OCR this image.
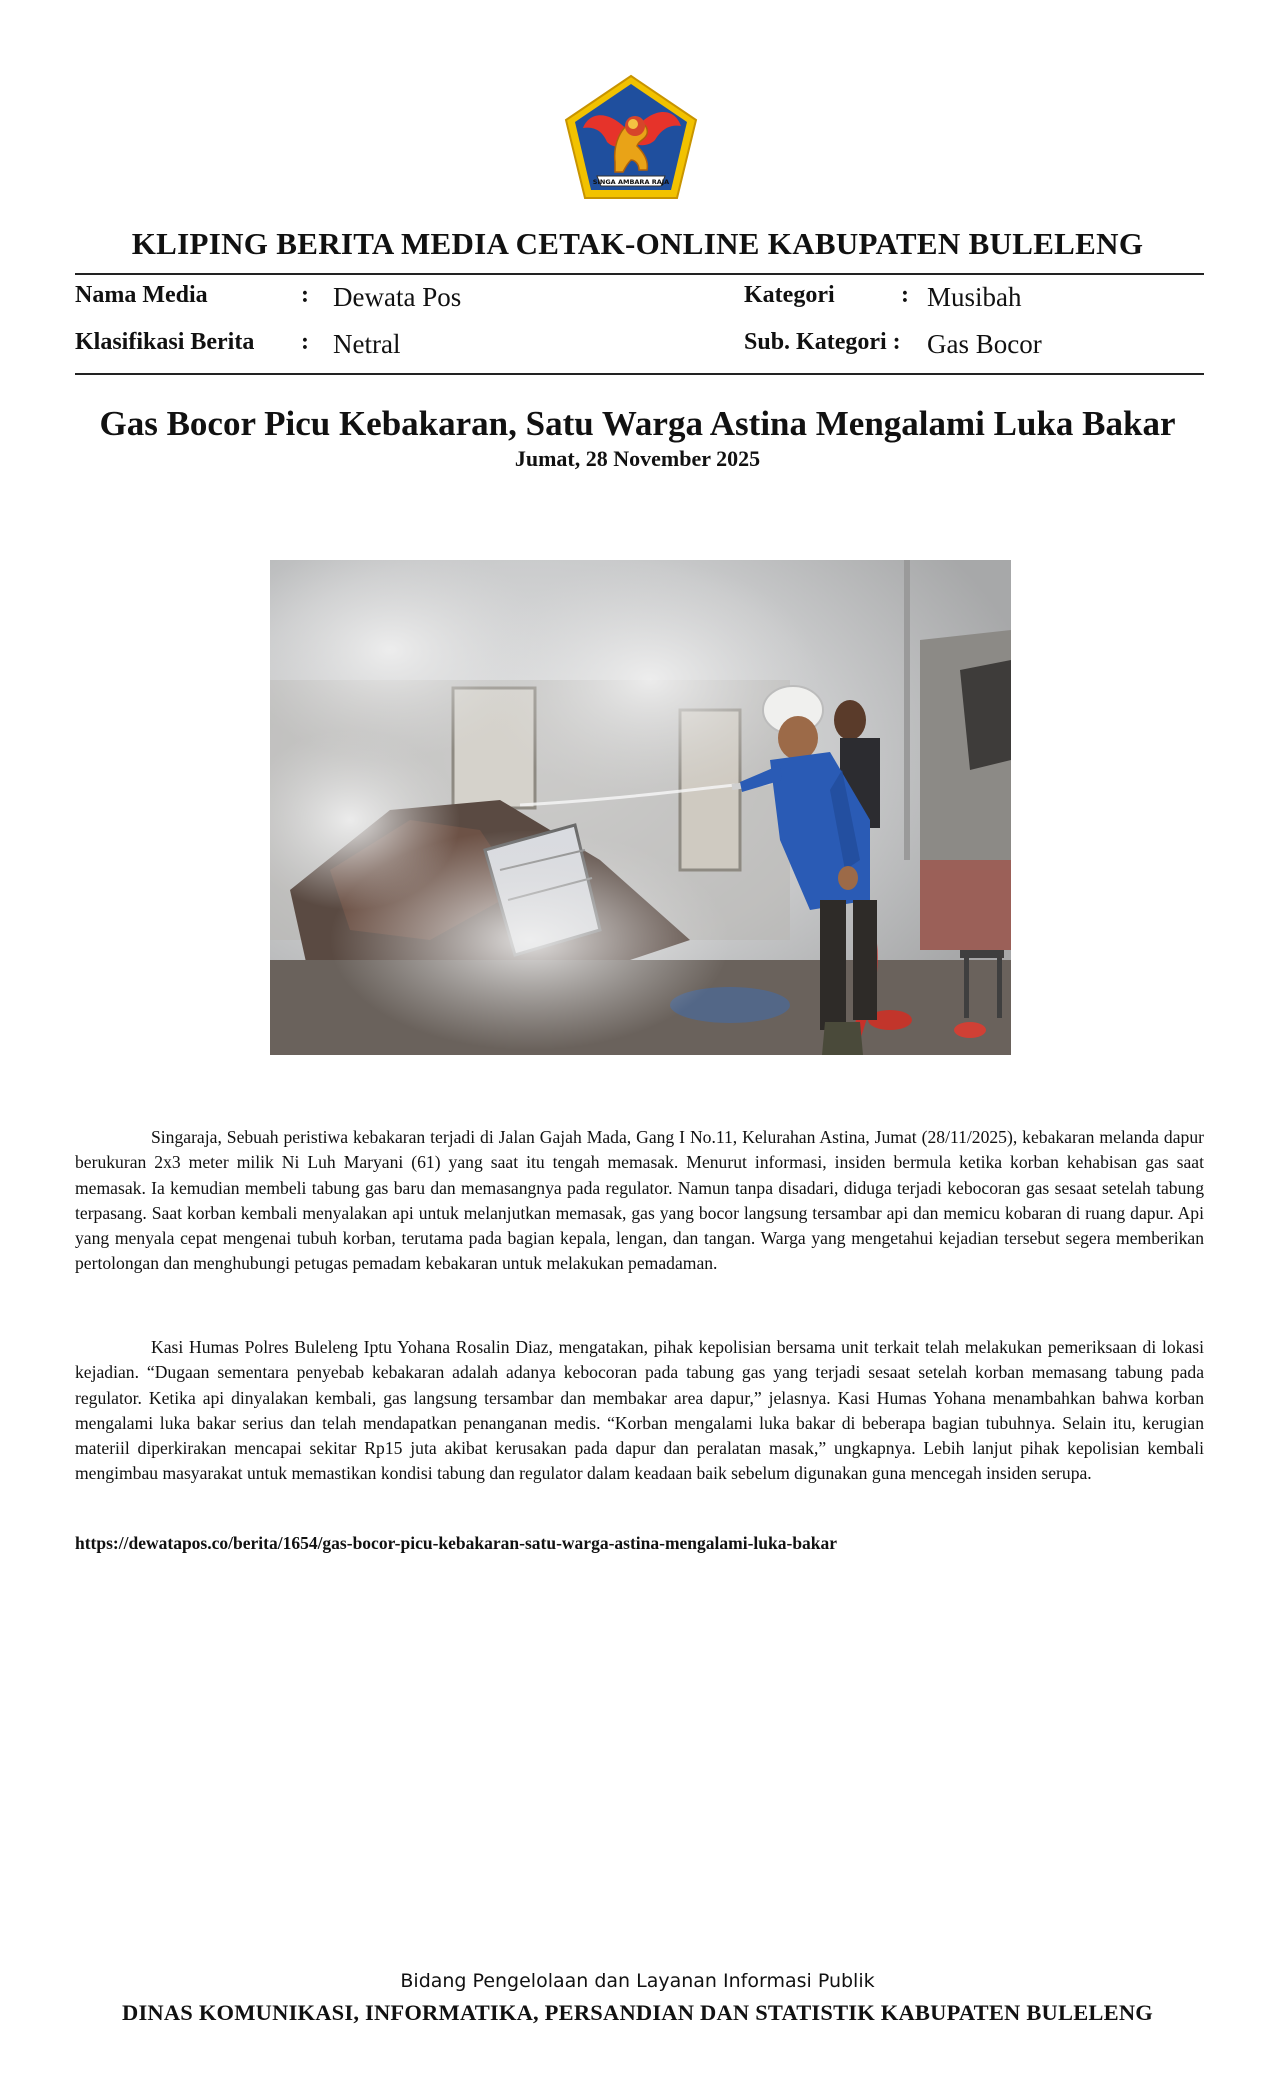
SINGA AMBARA RAJA
KLIPING BERITA MEDIA CETAK-ONLINE KABUPATEN BULELENG
Nama Media	: Dewata Pos	Kategori	: Musibah
Klasifikasi Berita : Netral	Sub. Kategori : Gas Bocor
Gas Bocor Picu Kebakaran, Satu Warga Astina Mengalami Luka Bakar
Jumat, 28 November 2025

Singaraja, Sebuah peristiwa kebakaran terjadi di Jalan Gajah Mada, Gang I No.11, Kelurahan Astina, Jumat (28/11/2025), kebakaran melanda dapur berukuran 2x3 meter milik Ni Luh Maryani (61) yang saat itu tengah memasak. Menurut informasi, insiden bermula ketika korban kehabisan gas saat memasak. Ia kemudian membeli tabung gas baru dan memasangnya pada regulator. Namun tanpa disadari, diduga terjadi kebocoran gas sesaat setelah tabung terpasang. Saat korban kembali menyalakan api untuk melanjutkan memasak, gas yang bocor langsung tersambar api dan memicu kobaran di ruang dapur. Api yang menyala cepat mengenai tubuh korban, terutama pada bagian kepala, lengan, dan tangan. Warga yang mengetahui kejadian tersebut segera memberikan pertolongan dan menghubungi petugas pemadam kebakaran untuk melakukan pemadaman.

Kasi Humas Polres Buleleng Iptu Yohana Rosalin Diaz, mengatakan, pihak kepolisian bersama unit terkait telah melakukan pemeriksaan di lokasi kejadian. “Dugaan sementara penyebab kebakaran adalah adanya kebocoran pada tabung gas yang terjadi sesaat setelah korban memasang tabung pada regulator. Ketika api dinyalakan kembali, gas langsung tersambar dan membakar area dapur,” jelasnya. Kasi Humas Yohana menambahkan bahwa korban mengalami luka bakar serius dan telah mendapatkan penanganan medis. “Korban mengalami luka bakar di beberapa bagian tubuhnya. Selain itu, kerugian materiil diperkirakan mencapai sekitar Rp15 juta akibat kerusakan pada dapur dan peralatan masak,” ungkapnya. Lebih lanjut pihak kepolisian kembali mengimbau masyarakat untuk memastikan kondisi tabung dan regulator dalam keadaan baik sebelum digunakan guna mencegah insiden serupa.

https://dewatapos.co/berita/1654/gas-bocor-picu-kebakaran-satu-warga-astina-mengalami-luka-bakar
Bidang Pengelolaan dan Layanan Informasi Publik
DINAS KOMUNIKASI, INFORMATIKA, PERSANDIAN DAN STATISTIK KABUPATEN BULELENG
